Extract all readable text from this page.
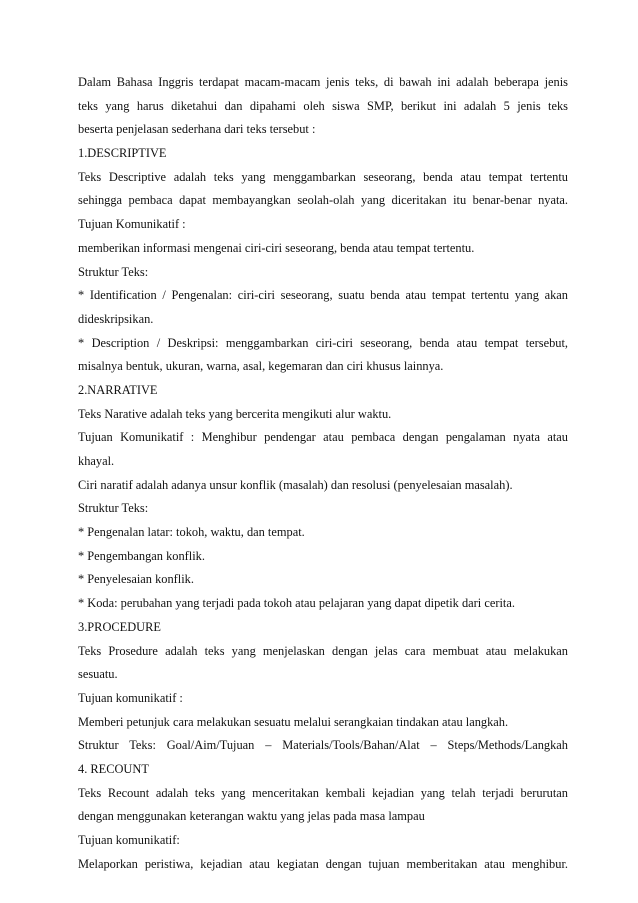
Dalam Bahasa Inggris terdapat macam-macam jenis teks, di bawah ini adalah beberapa jenis
teks yang harus diketahui dan dipahami oleh siswa SMP, berikut ini adalah 5 jenis teks
beserta penjelasan sederhana dari teks tersebut :
1.DESCRIPTIVE
Teks Descriptive adalah teks yang menggambarkan seseorang, benda atau tempat tertentu
sehingga pembaca dapat membayangkan seolah-olah yang diceritakan itu benar-benar nyata.
Tujuan Komunikatif :
memberikan informasi mengenai ciri-ciri seseorang, benda atau tempat tertentu.
Struktur Teks:
* Identification / Pengenalan: ciri-ciri seseorang, suatu benda atau tempat tertentu yang akan
dideskripsikan.
* Description / Deskripsi: menggambarkan ciri-ciri seseorang, benda atau tempat tersebut,
misalnya bentuk, ukuran, warna, asal, kegemaran dan ciri khusus lainnya.
2.NARRATIVE
Teks Narative adalah teks yang bercerita mengikuti alur waktu.
Tujuan Komunikatif : Menghibur pendengar atau pembaca dengan pengalaman nyata atau
khayal.
Ciri naratif adalah adanya unsur konflik (masalah) dan resolusi (penyelesaian masalah).
Struktur Teks:
* Pengenalan latar: tokoh, waktu, dan tempat.
* Pengembangan konflik.
* Penyelesaian konflik.
* Koda: perubahan yang terjadi pada tokoh atau pelajaran yang dapat dipetik dari cerita.
3.PROCEDURE
Teks Prosedure adalah teks yang menjelaskan dengan jelas cara membuat atau melakukan
sesuatu.
Tujuan komunikatif :
Memberi petunjuk cara melakukan sesuatu melalui serangkaian tindakan atau langkah.
Struktur Teks: Goal/Aim/Tujuan – Materials/Tools/Bahan/Alat – Steps/Methods/Langkah
4. RECOUNT
Teks Recount adalah teks yang menceritakan kembali kejadian yang telah terjadi berurutan
dengan menggunakan keterangan waktu yang jelas pada masa lampau
Tujuan komunikatif:
Melaporkan peristiwa, kejadian atau kegiatan dengan tujuan memberitakan atau menghibur.
